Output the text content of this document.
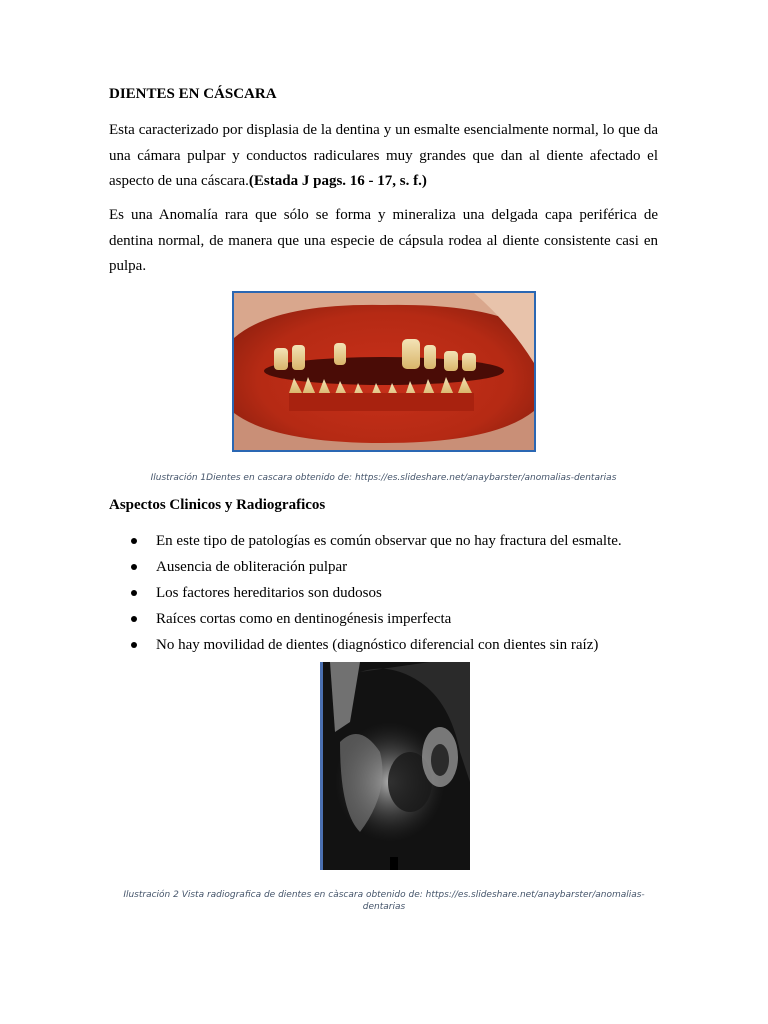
DIENTES EN CÁSCARA

Esta caracterizado por displasia de la dentina y un esmalte esencialmente normal, lo que da una cámara pulpar y conductos radiculares muy grandes que dan al diente afectado el aspecto de una cáscara.(Estada J pags. 16 - 17, s. f.)

Es una Anomalía rara que sólo se forma y mineraliza una delgada capa periférica de dentina normal, de manera que una especie de cápsula rodea al diente consistente casi en pulpa.

Ilustración 1Dientes en cascara obtenido de: https://es.slideshare.net/anaybarster/anomalias-dentarias

Aspectos Clinicos y Radiograficos

En este tipo de patologías es común observar que no hay fractura del esmalte.
Ausencia de obliteración pulpar
Los factores hereditarios son dudosos
Raíces cortas como en dentinogénesis imperfecta
No hay movilidad de dientes (diagnóstico diferencial con dientes sin raíz)

Ilustración 2 Vista radiografica de dientes en càscara obtenido de: https://es.slideshare.net/anaybarster/anomalias-dentarias
